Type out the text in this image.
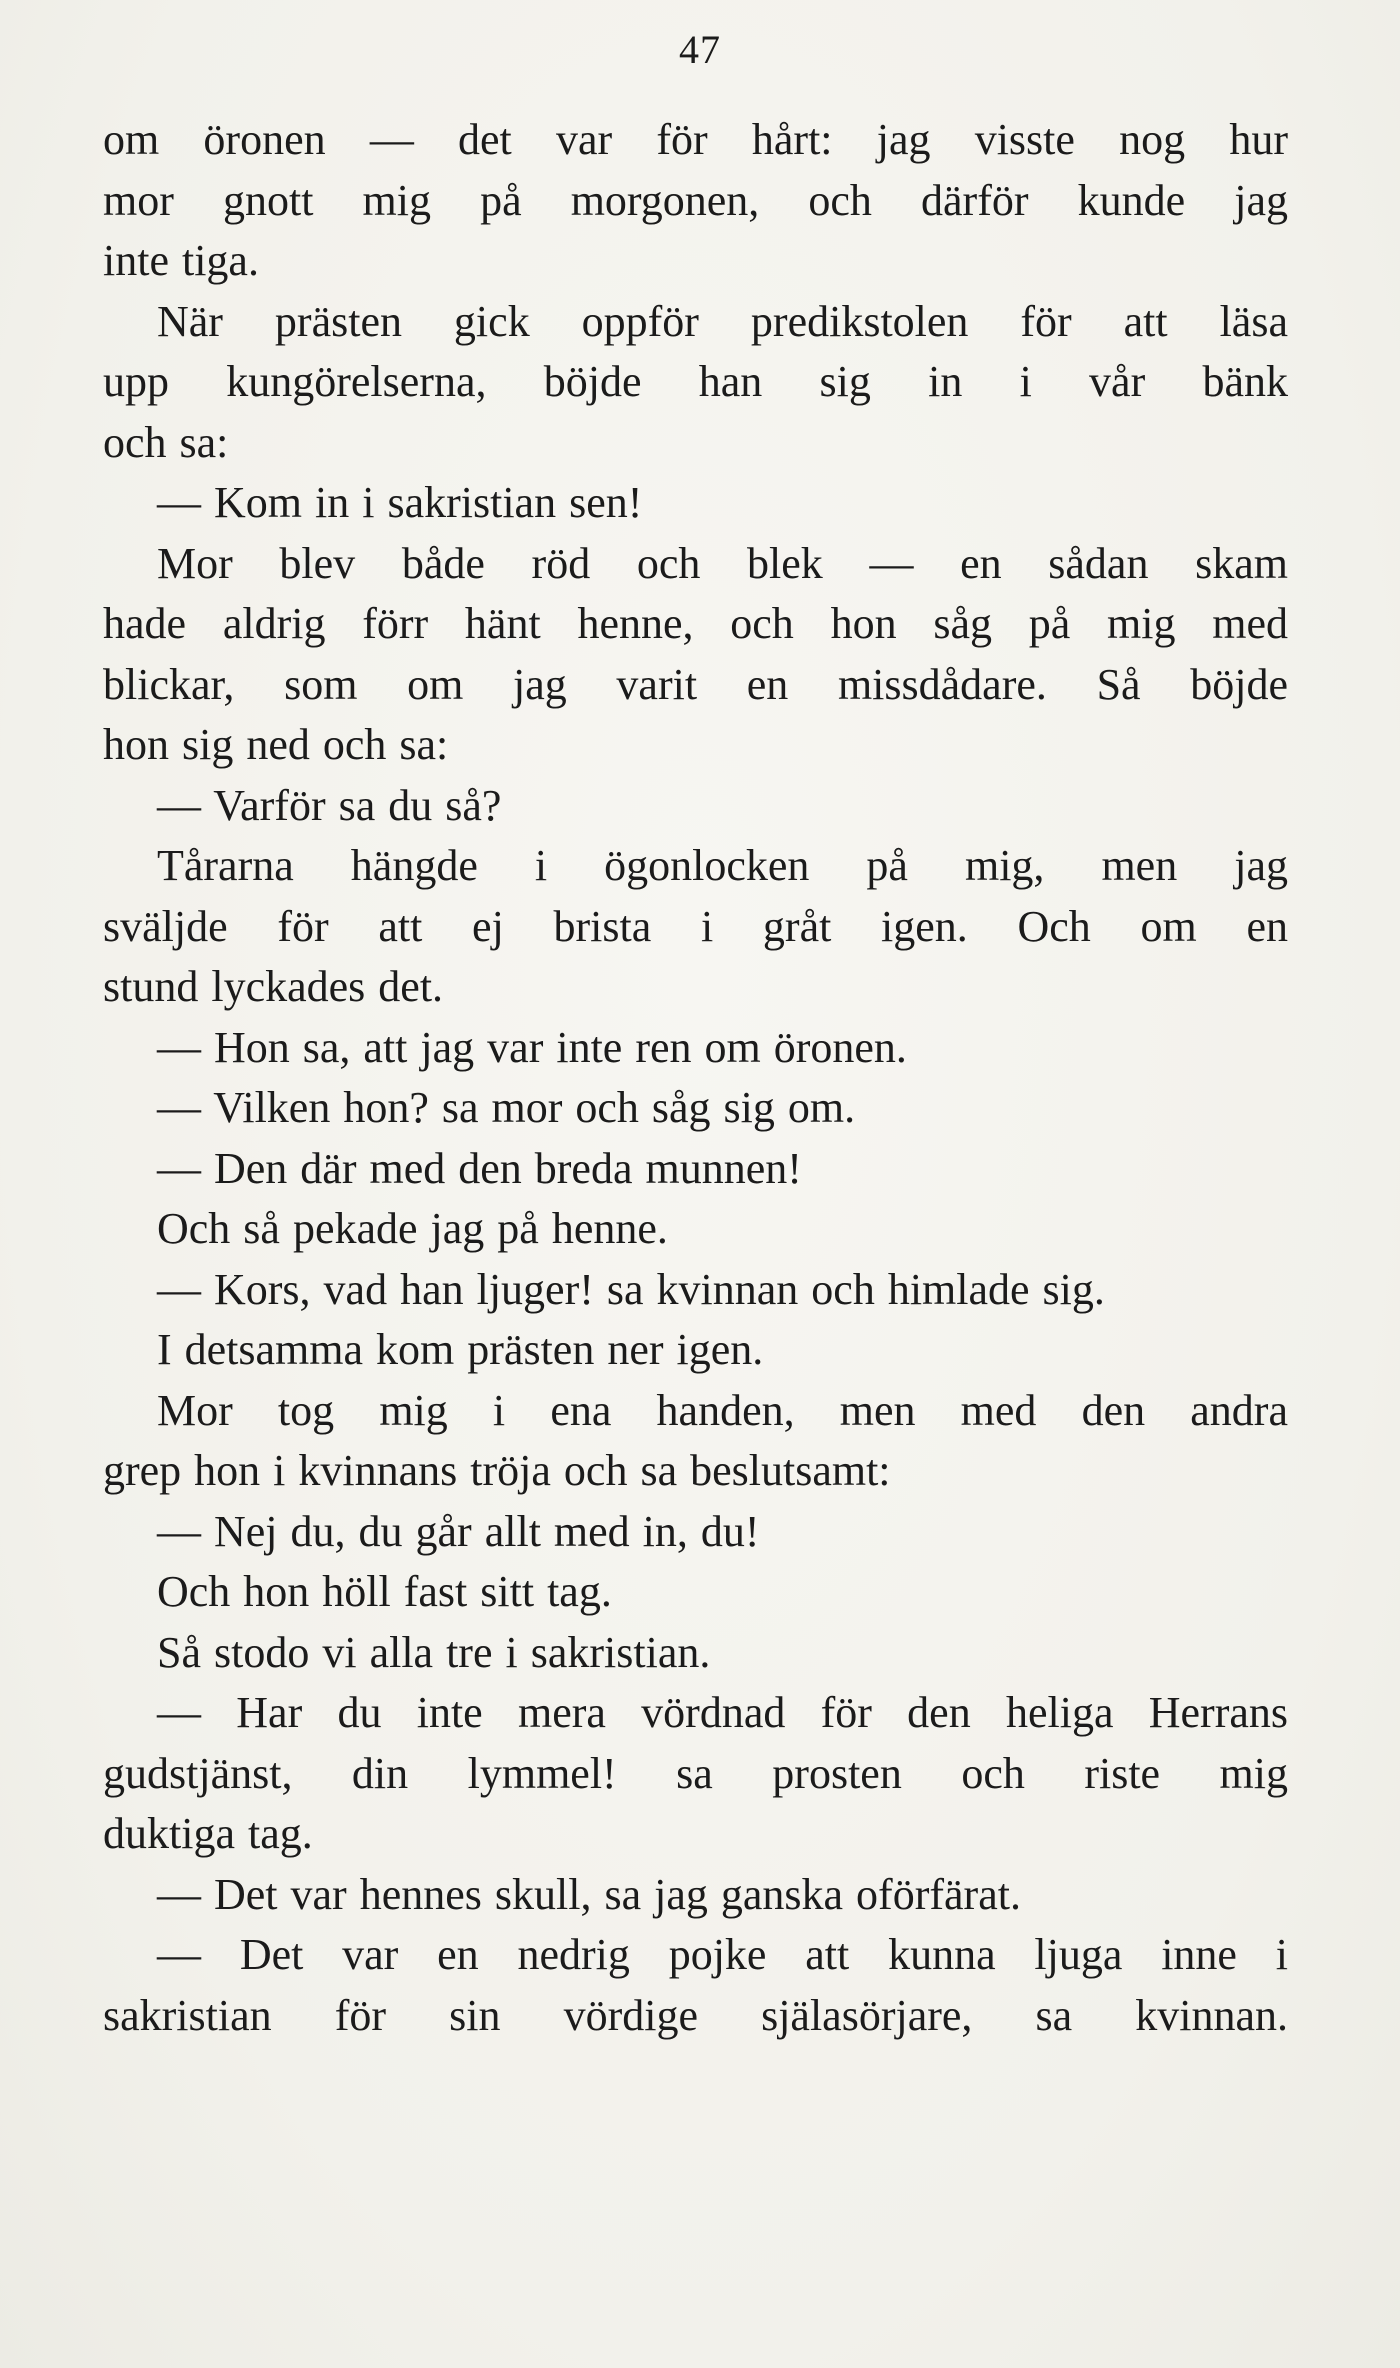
47
om öronen — det var för hårt: jag visste nog hur
mor gnott mig på morgonen, och därför kunde jag
inte tiga.
När prästen gick oppför predikstolen för att läsa
upp kungörelserna, böjde han sig in i vår bänk
och sa:
— Kom in i sakristian sen!
Mor blev både röd och blek — en sådan skam
hade aldrig förr hänt henne, och hon såg på mig med
blickar, som om jag varit en missdådare. Så böjde
hon sig ned och sa:
— Varför sa du så?
Tårarna hängde i ögonlocken på mig, men jag
sväljde för att ej brista i gråt igen. Och om en
stund lyckades det.
— Hon sa, att jag var inte ren om öronen.
— Vilken hon? sa mor och såg sig om.
— Den där med den breda munnen!
Och så pekade jag på henne.
— Kors, vad han ljuger! sa kvinnan och himlade sig.
I detsamma kom prästen ner igen.
Mor tog mig i ena handen, men med den andra
grep hon i kvinnans tröja och sa beslutsamt:
— Nej du, du går allt med in, du!
Och hon höll fast sitt tag.
Så stodo vi alla tre i sakristian.
— Har du inte mera vördnad för den heliga Herrans
gudstjänst, din lymmel! sa prosten och riste mig
duktiga tag.
— Det var hennes skull, sa jag ganska oförfärat.
— Det var en nedrig pojke att kunna ljuga inne i
sakristian för sin vördige själasörjare, sa kvinnan.
